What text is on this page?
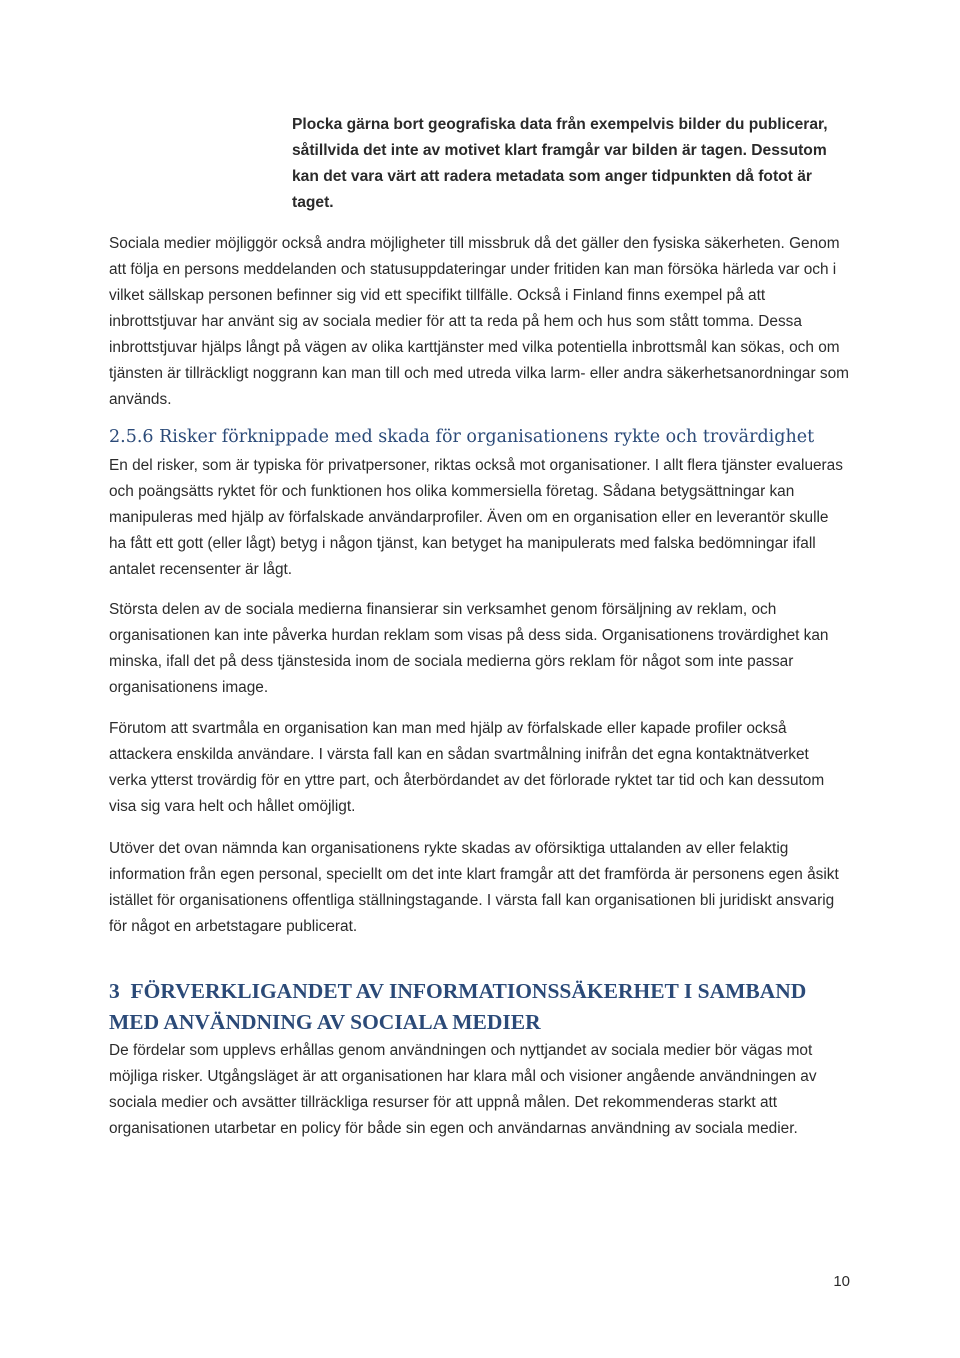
Plocka gärna bort geografiska data från exempelvis bilder du publicerar, såtillvida det inte av motivet klart framgår var bilden är tagen. Dessutom kan det vara värt att radera metadata som anger tidpunkten då fotot är taget.

Sociala medier möjliggör också andra möjligheter till missbruk då det gäller den fysiska säkerheten. Genom att följa en persons meddelanden och statusuppdateringar under fritiden kan man försöka härleda var och i vilket sällskap personen befinner sig vid ett specifikt tillfälle. Också i Finland finns exempel på att inbrottstjuvar har använt sig av sociala medier för att ta reda på hem och hus som stått tomma. Dessa inbrottstjuvar hjälps långt på vägen av olika karttjänster med vilka potentiella inbrottsmål kan sökas, och om tjänsten är tillräckligt noggrann kan man till och med utreda vilka larm- eller andra säkerhetsanordningar som används.

2.5.6 Risker förknippade med skada för organisationens rykte och trovärdighet

En del risker, som är typiska för privatpersoner, riktas också mot organisationer. I allt flera tjänster evalueras och poängsätts ryktet för och funktionen hos olika kommersiella företag. Sådana betygsättningar kan manipuleras med hjälp av förfalskade användarprofiler. Även om en organisation eller en leverantör skulle ha fått ett gott (eller lågt) betyg i någon tjänst, kan betyget ha manipulerats med falska bedömningar ifall antalet recensenter är lågt.

Största delen av de sociala medierna finansierar sin verksamhet genom försäljning av reklam, och organisationen kan inte påverka hurdan reklam som visas på dess sida. Organisationens trovärdighet kan minska, ifall det på dess tjänstesida inom de sociala medierna görs reklam för något som inte passar organisationens image.

Förutom att svartmåla en organisation kan man med hjälp av förfalskade eller kapade profiler också attackera enskilda användare. I värsta fall kan en sådan svartmålning inifrån det egna kontaktnätverket verka ytterst trovärdig för en yttre part, och återbördandet av det förlorade ryktet tar tid och kan dessutom visa sig vara helt och hållet omöjligt.

Utöver det ovan nämnda kan organisationens rykte skadas av oförsiktiga uttalanden av eller felaktig information från egen personal, speciellt om det inte klart framgår att det framförda är personens egen åsikt istället för organisationens offentliga ställningstagande. I värsta fall kan organisationen bli juridiskt ansvarig för något en arbetstagare publicerat.

3 FÖRVERKLIGANDET AV INFORMATIONSSÄKERHET I SAMBAND MED ANVÄNDNING AV SOCIALA MEDIER

De fördelar som upplevs erhållas genom användningen och nyttjandet av sociala medier bör vägas mot möjliga risker. Utgångsläget är att organisationen har klara mål och visioner angående användningen av sociala medier och avsätter tillräckliga resurser för att uppnå målen. Det rekommenderas starkt att organisationen utarbetar en policy för både sin egen och användarnas användning av sociala medier.

10
